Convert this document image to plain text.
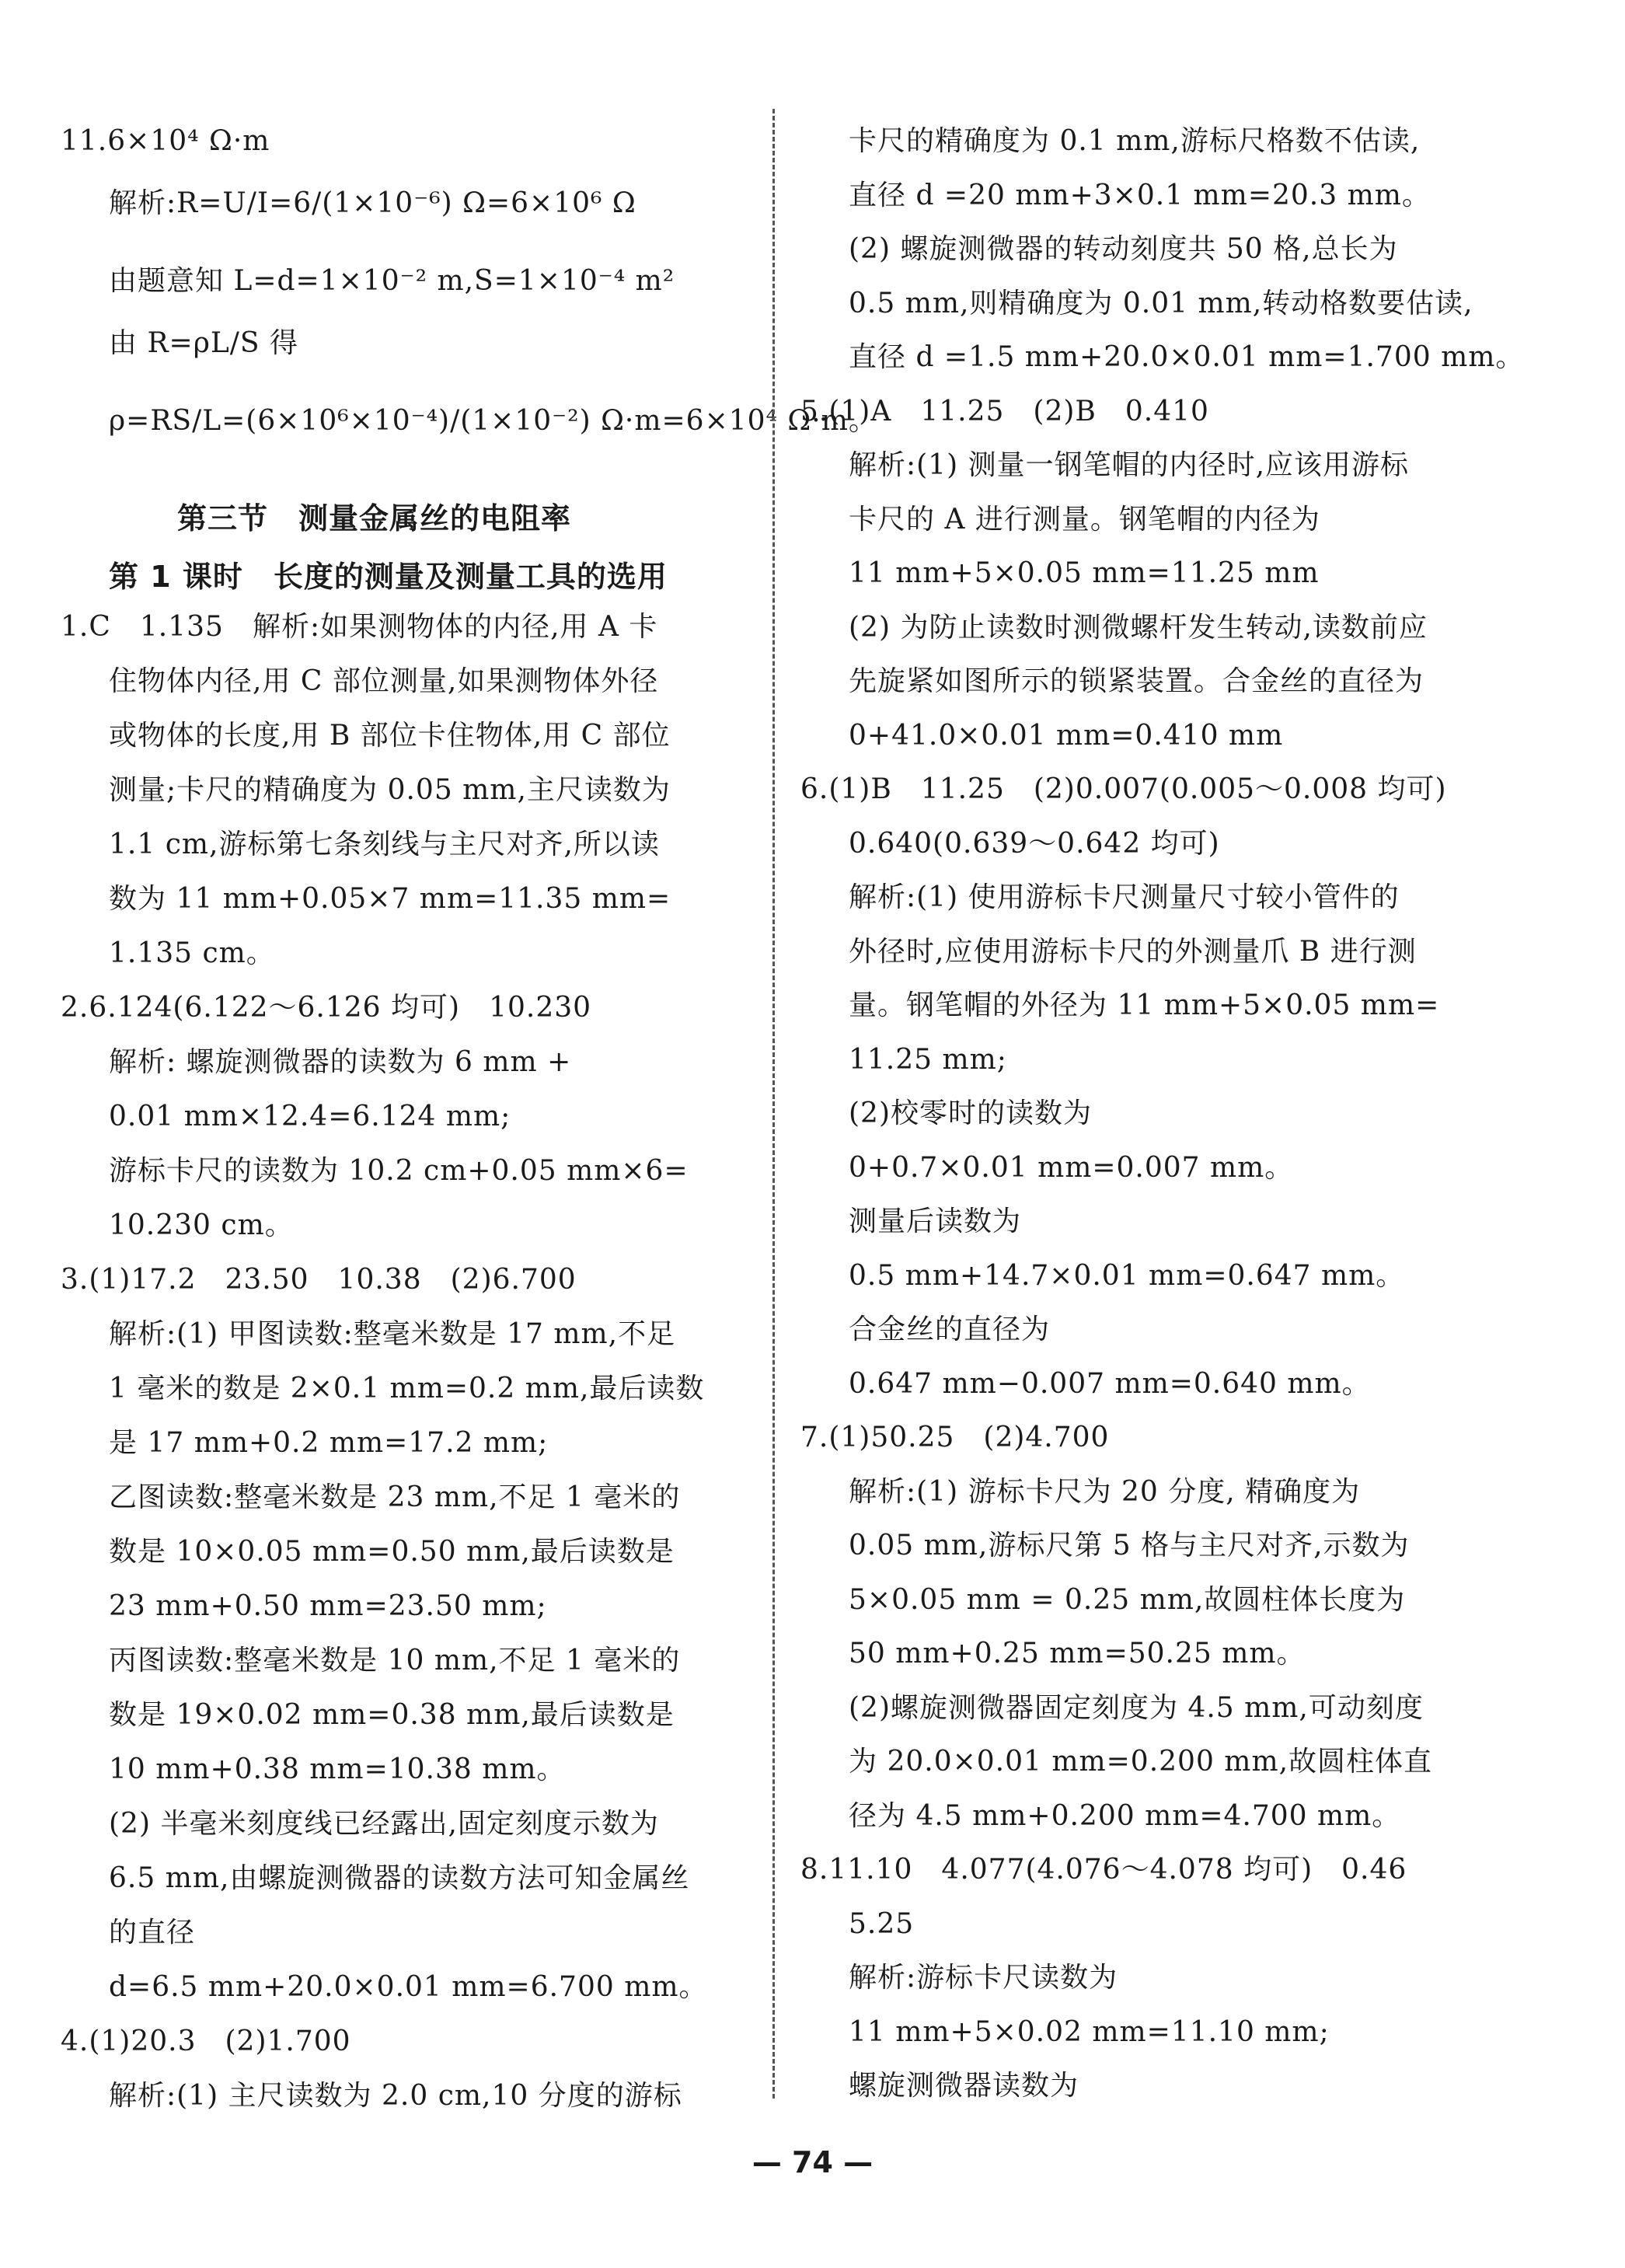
11.6×10⁴ Ω·m
解析:R=U/I=6/(1×10⁻⁶) Ω=6×10⁶ Ω
由题意知 L=d=1×10⁻² m,S=1×10⁻⁴ m²
由 R=ρL/S 得
ρ=RS/L=(6×10⁶×10⁻⁴)/(1×10⁻²) Ω·m=6×10⁴ Ω·m。
第三节　测量金属丝的电阻率
第 1 课时　长度的测量及测量工具的选用
1.C　1.135　解析:如果测物体的内径,用 A 卡
住物体内径,用 C 部位测量,如果测物体外径
或物体的长度,用 B 部位卡住物体,用 C 部位
测量;卡尺的精确度为 0.05 mm,主尺读数为
1.1 cm,游标第七条刻线与主尺对齐,所以读
数为 11 mm+0.05×7 mm=11.35 mm=
1.135 cm。
2.6.124(6.122～6.126 均可)　10.230
解析: 螺旋测微器的读数为 6 mm +
0.01 mm×12.4=6.124 mm;
游标卡尺的读数为 10.2 cm+0.05 mm×6=
10.230 cm。
3.(1)17.2　23.50　10.38　(2)6.700
解析:(1) 甲图读数:整毫米数是 17 mm,不足
1 毫米的数是 2×0.1 mm=0.2 mm,最后读数
是 17 mm+0.2 mm=17.2 mm;
乙图读数:整毫米数是 23 mm,不足 1 毫米的
数是 10×0.05 mm=0.50 mm,最后读数是
23 mm+0.50 mm=23.50 mm;
丙图读数:整毫米数是 10 mm,不足 1 毫米的
数是 19×0.02 mm=0.38 mm,最后读数是
10 mm+0.38 mm=10.38 mm。
(2) 半毫米刻度线已经露出,固定刻度示数为
6.5 mm,由螺旋测微器的读数方法可知金属丝
的直径
d=6.5 mm+20.0×0.01 mm=6.700 mm。
4.(1)20.3　(2)1.700
解析:(1) 主尺读数为 2.0 cm,10 分度的游标
卡尺的精确度为 0.1 mm,游标尺格数不估读,
直径 d =20 mm+3×0.1 mm=20.3 mm。
(2) 螺旋测微器的转动刻度共 50 格,总长为
0.5 mm,则精确度为 0.01 mm,转动格数要估读,
直径 d =1.5 mm+20.0×0.01 mm=1.700 mm。
5.(1)A　11.25　(2)B　0.410
解析:(1) 测量一钢笔帽的内径时,应该用游标
卡尺的 A 进行测量。钢笔帽的内径为
11 mm+5×0.05 mm=11.25 mm
(2) 为防止读数时测微螺杆发生转动,读数前应
先旋紧如图所示的锁紧装置。合金丝的直径为
0+41.0×0.01 mm=0.410 mm
6.(1)B　11.25　(2)0.007(0.005～0.008 均可)
0.640(0.639～0.642 均可)
解析:(1) 使用游标卡尺测量尺寸较小管件的
外径时,应使用游标卡尺的外测量爪 B 进行测
量。钢笔帽的外径为 11 mm+5×0.05 mm=
11.25 mm;
(2)校零时的读数为
0+0.7×0.01 mm=0.007 mm。
测量后读数为
0.5 mm+14.7×0.01 mm=0.647 mm。
合金丝的直径为
0.647 mm−0.007 mm=0.640 mm。
7.(1)50.25　(2)4.700
解析:(1) 游标卡尺为 20 分度, 精确度为
0.05 mm,游标尺第 5 格与主尺对齐,示数为
5×0.05 mm = 0.25 mm,故圆柱体长度为
50 mm+0.25 mm=50.25 mm。
(2)螺旋测微器固定刻度为 4.5 mm,可动刻度
为 20.0×0.01 mm=0.200 mm,故圆柱体直
径为 4.5 mm+0.200 mm=4.700 mm。
8.11.10　4.077(4.076～4.078 均可)　0.46
5.25
解析:游标卡尺读数为
11 mm+5×0.02 mm=11.10 mm;
螺旋测微器读数为
— 74 —
